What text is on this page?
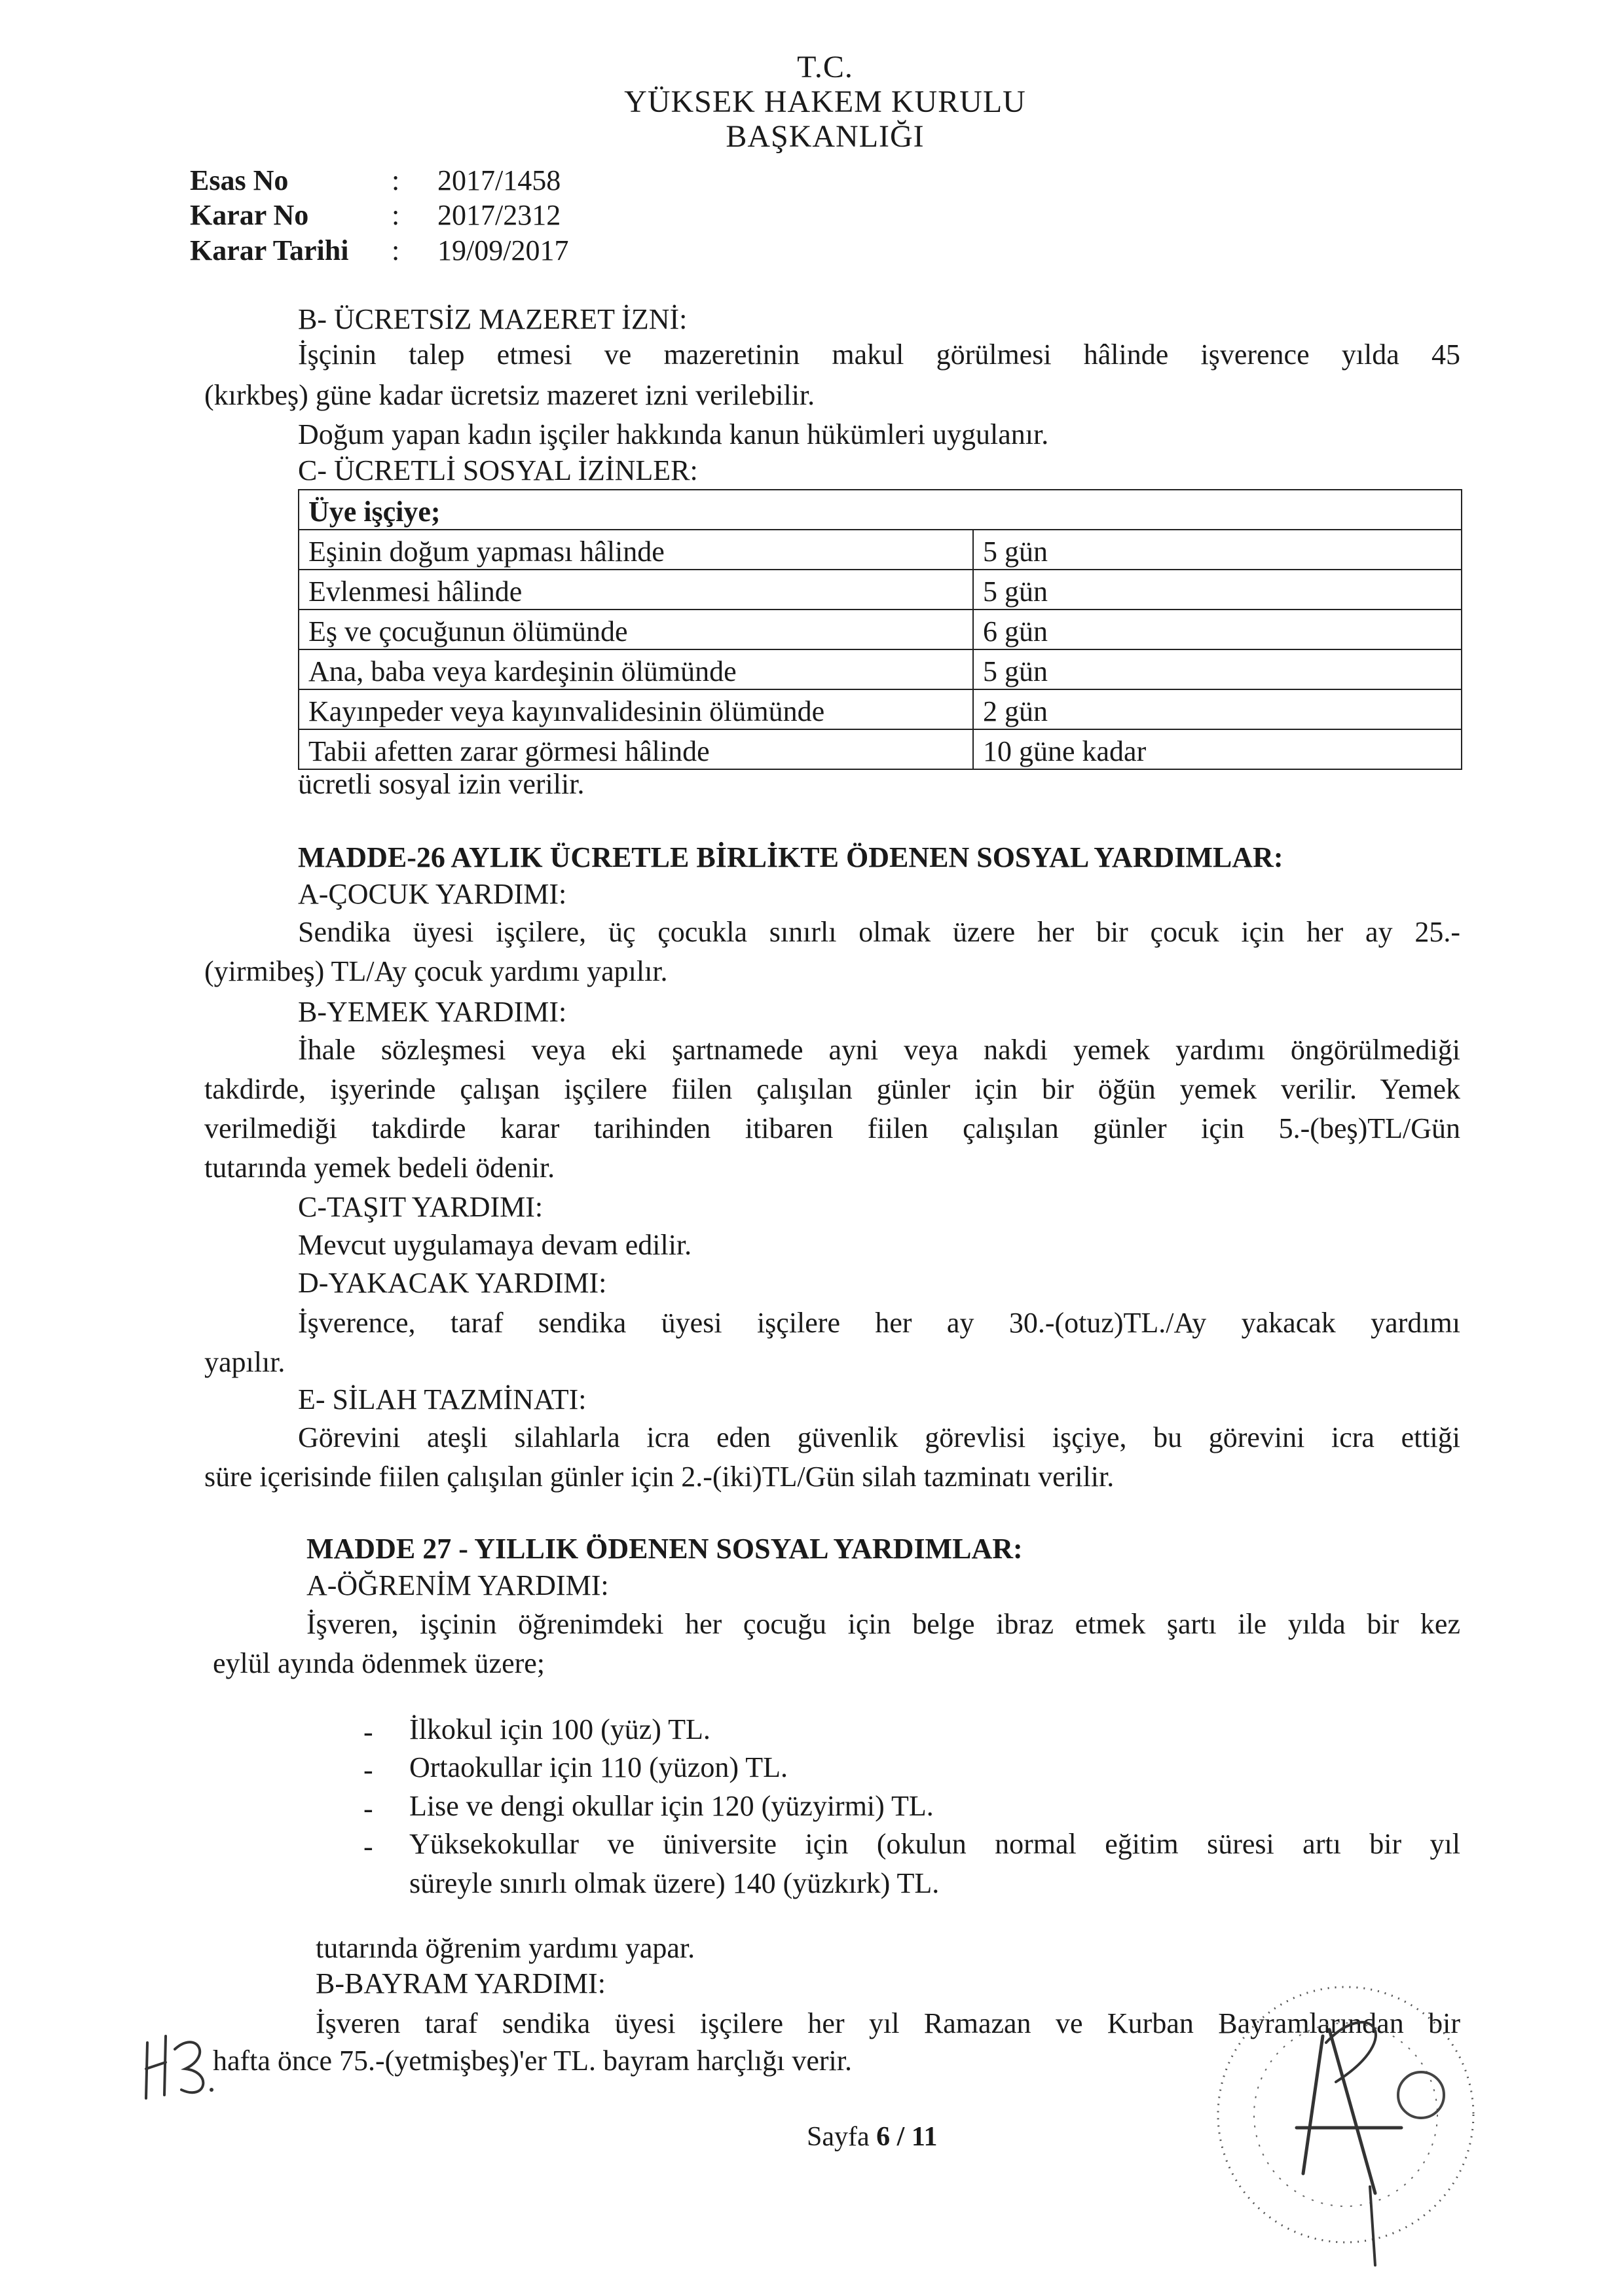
T.C.
YÜKSEK HAKEM KURULU
BAŞKANLIĞI
Esas No	: 2017/1458
Karar No	: 2017/2312
Karar Tarihi : 19/09/2017
B- ÜCRETSİZ MAZERET İZNİ:
İşçinin talep etmesi ve mazeretinin makul görülmesi hâlinde işverence yılda 45
(kırkbeş) güne kadar ücretsiz mazeret izni verilebilir.
Doğum yapan kadın işçiler hakkında kanun hükümleri uygulanır.
C- ÜCRETLİ SOSYAL İZİNLER:
Üye işçiye;	
Eşinin doğum yapması hâlinde	5 gün
Evlenmesi hâlinde	5 gün
Eş ve çocuğunun ölümünde	6 gün
Ana, baba veya kardeşinin ölümünde	5 gün
Kayınpeder veya kayınvalidesinin ölümünde	2 gün
Tabii afetten zarar görmesi hâlinde	10 güne kadar
ücretli sosyal izin verilir.
MADDE-26 AYLIK ÜCRETLE BİRLİKTE ÖDENEN SOSYAL YARDIMLAR:
A-ÇOCUK YARDIMI:
Sendika üyesi işçilere, üç çocukla sınırlı olmak üzere her bir çocuk için her ay 25.-
(yirmibeş) TL/Ay çocuk yardımı yapılır.
B-YEMEK YARDIMI:
İhale sözleşmesi veya eki şartnamede ayni veya nakdi yemek yardımı öngörülmediği
takdirde, işyerinde çalışan işçilere fiilen çalışılan günler için bir öğün yemek verilir. Yemek
verilmediği takdirde karar tarihinden itibaren fiilen çalışılan günler için 5.-(beş)TL/Gün
tutarında yemek bedeli ödenir.
C-TAŞIT YARDIMI:
Mevcut uygulamaya devam edilir.
D-YAKACAK YARDIMI:
İşverence, taraf sendika üyesi işçilere her ay 30.-(otuz)TL./Ay yakacak yardımı
yapılır.
E- SİLAH TAZMİNATI:
Görevini ateşli silahlarla icra eden güvenlik görevlisi işçiye, bu görevini icra ettiği
süre içerisinde fiilen çalışılan günler için 2.-(iki)TL/Gün silah tazminatı verilir.
MADDE 27 - YILLIK ÖDENEN SOSYAL YARDIMLAR:
A-ÖĞRENİM YARDIMI:
İşveren, işçinin öğrenimdeki her çocuğu için belge ibraz etmek şartı ile yılda bir kez
eylül ayında ödenmek üzere;
- İlkokul için 100 (yüz) TL.
- Ortaokullar için 110 (yüzon) TL.
- Lise ve dengi okullar için 120 (yüzyirmi) TL.
- Yüksekokullar ve üniversite için (okulun normal eğitim süresi artı bir yıl
süreyle sınırlı olmak üzere) 140 (yüzkırk) TL.
tutarında öğrenim yardımı yapar.
B-BAYRAM YARDIMI:
İşveren taraf sendika üyesi işçilere her yıl Ramazan ve Kurban Bayramlarından bir
hafta önce 75.-(yetmişbeş)'er TL. bayram harçlığı verir.
Sayfa 6 / 11
